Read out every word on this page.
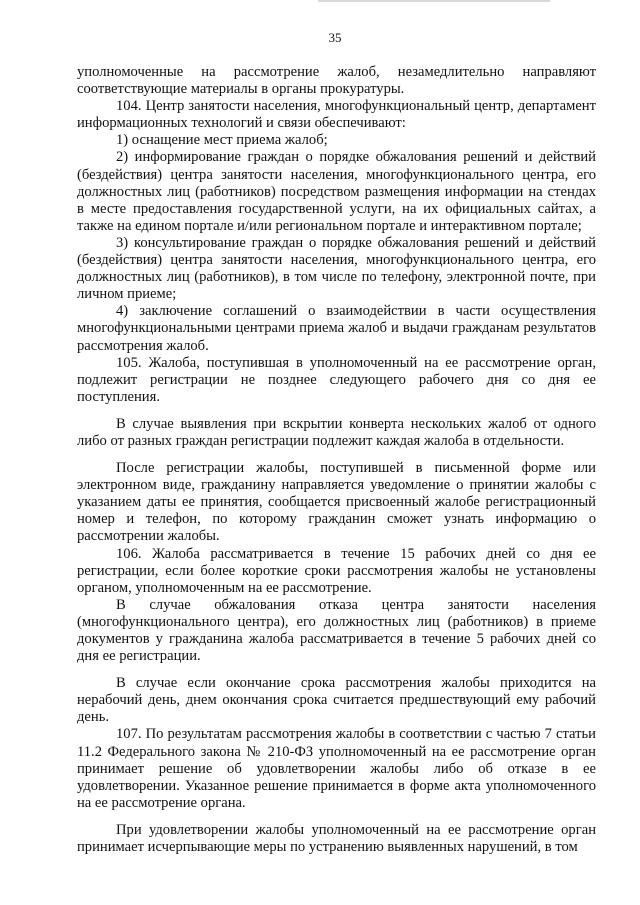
35

уполномоченные на рассмотрение жалоб, незамедлительно направляют соответствующие материалы в органы прокуратуры.

104. Центр занятости населения, многофункциональный центр, департамент информационных технологий и связи обеспечивают:

1) оснащение мест приема жалоб;

2) информирование граждан о порядке обжалования решений и действий (бездействия) центра занятости населения, многофункционального центра, его должностных лиц (работников) посредством размещения информации на стендах в месте предоставления государственной услуги, на их официальных сайтах, а также на едином портале и/или региональном портале и интерактивном портале;

3) консультирование граждан о порядке обжалования решений и действий (бездействия) центра занятости населения, многофункционального центра, его должностных лиц (работников), в том числе по телефону, электронной почте, при личном приеме;

4) заключение соглашений о взаимодействии в части осуществления многофункциональными центрами приема жалоб и выдачи гражданам результатов рассмотрения жалоб.

105. Жалоба, поступившая в уполномоченный на ее рассмотрение орган, подлежит регистрации не позднее следующего рабочего дня со дня ее поступления.

В случае выявления при вскрытии конверта нескольких жалоб от одного либо от разных граждан регистрации подлежит каждая жалоба в отдельности.

После регистрации жалобы, поступившей в письменной форме или электронном виде, гражданину направляется уведомление о принятии жалобы с указанием даты ее принятия, сообщается присвоенный жалобе регистрационный номер и телефон, по которому гражданин сможет узнать информацию о рассмотрении жалобы.

106. Жалоба рассматривается в течение 15 рабочих дней со дня ее регистрации, если более короткие сроки рассмотрения жалобы не установлены органом, уполномоченным на ее рассмотрение.

В случае обжалования отказа центра занятости населения (многофункционального центра), его должностных лиц (работников) в приеме документов у гражданина жалоба рассматривается в течение 5 рабочих дней со дня ее регистрации.

В случае если окончание срока рассмотрения жалобы приходится на нерабочий день, днем окончания срока считается предшествующий ему рабочий день.

107. По результатам рассмотрения жалобы в соответствии с частью 7 статьи 11.2 Федерального закона № 210-ФЗ уполномоченный на ее рассмотрение орган принимает решение об удовлетворении жалобы либо об отказе в ее удовлетворении. Указанное решение принимается в форме акта уполномоченного на ее рассмотрение органа.

При удовлетворении жалобы уполномоченный на ее рассмотрение орган принимает исчерпывающие меры по устранению выявленных нарушений, в том
